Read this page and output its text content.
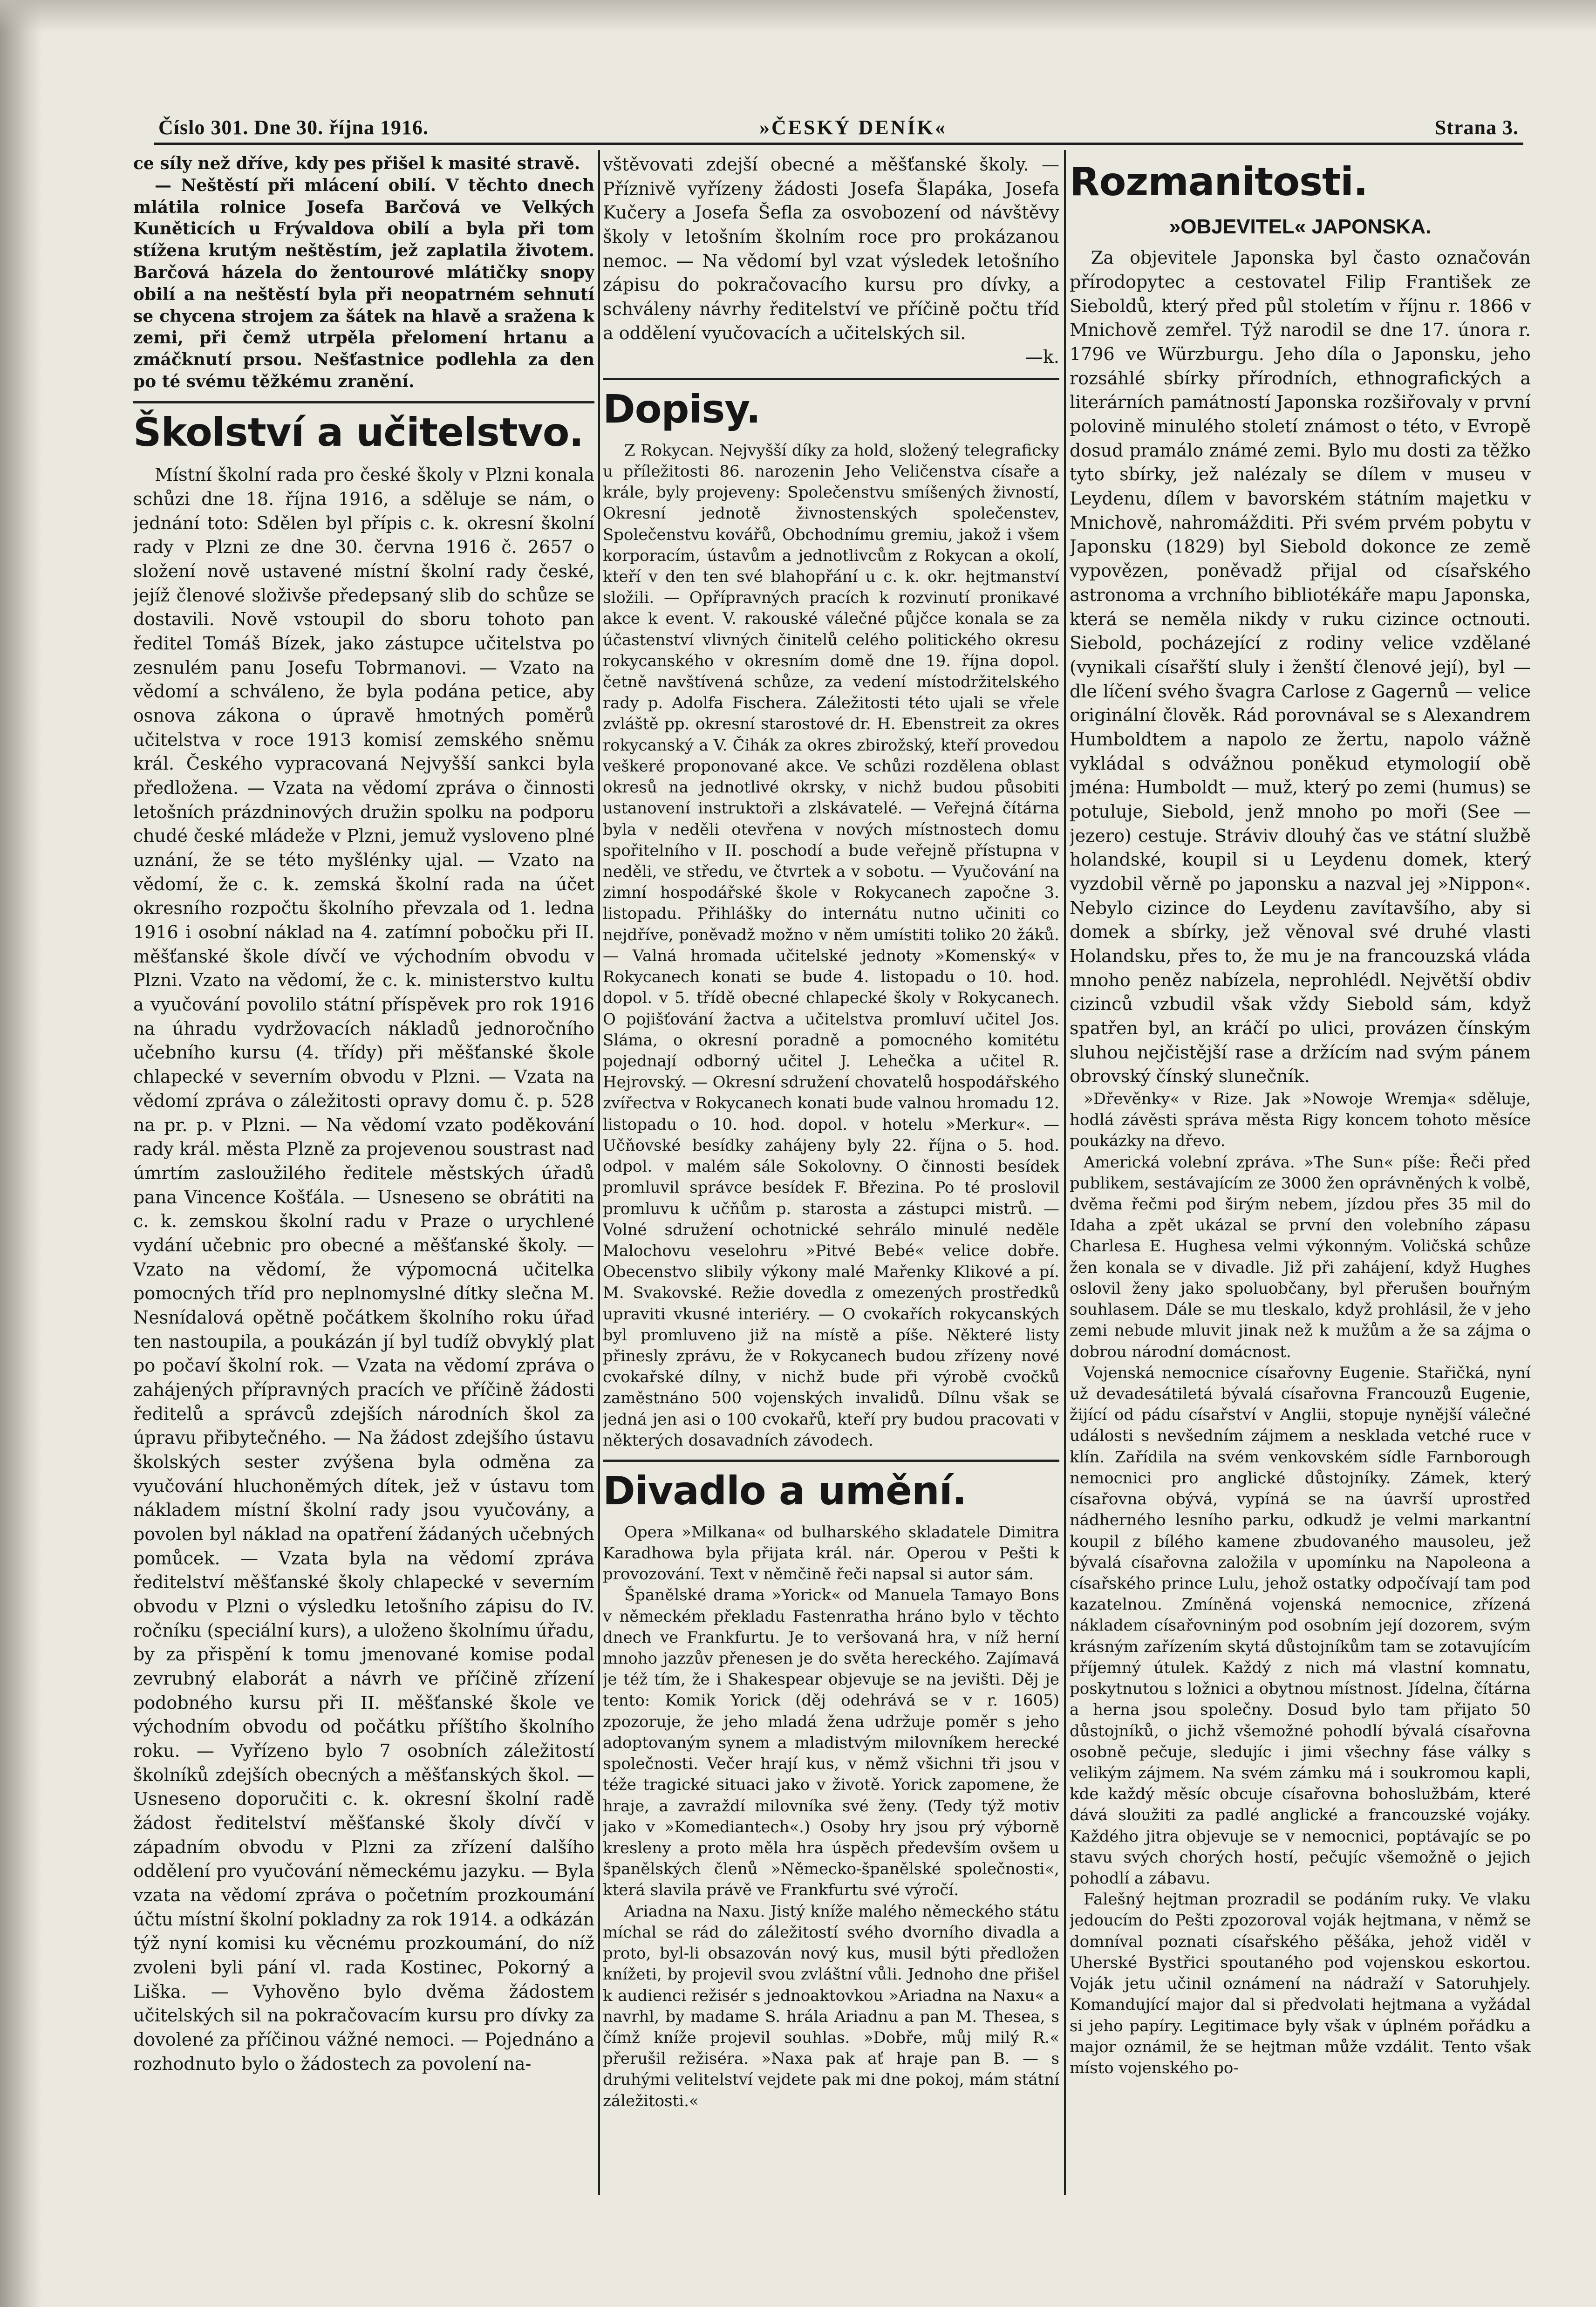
Číslo 301. Dne 30. října 1916.	»ČESKÝ DENÍK«	Strana 3.

ce síly než dříve, kdy pes přišel k masité stravě.

— Neštěstí při mlácení obilí. V těchto dnech mlátila rolnice Josefa Barčová ve Velkých Kuněticích u Frývaldova obilí a byla při tom stížena krutým neštěstím, jež zaplatila životem. Barčová házela do žentourové mlátičky snopy obilí a na neštěstí byla při neopatrném sehnutí se chycena strojem za šátek na hlavě a sražena k zemi, při čemž utrpěla přelomení hrtanu a zmáčknutí prsou. Nešťastnice podlehla za den po té svému těžkému zranění.

Školství a učitelstvo.

Místní školní rada pro české školy v Plzni konala schůzi dne 18. října 1916, a sděluje se nám, o jednání toto: Sdělen byl přípis c. k. okresní školní rady v Plzni ze dne 30. června 1916 č. 2657 o složení nově ustavené místní školní rady české, jejíž členové složivše předepsaný slib do schůze se dostavili. Nově vstoupil do sboru tohoto pan ředitel Tomáš Bízek, jako zástupce učitelstva po zesnulém panu Josefu Tobrmanovi. — Vzato na vědomí a schváleno, že byla podána petice, aby osnova zákona o úpravě hmotných poměrů učitelstva v roce 1913 komisí zemského sněmu král. Českého vypracovaná Nejvyšší sankci byla předložena. — Vzata na vědomí zpráva o činnosti letošních prázdninových družin spolku na podporu chudé české mládeže v Plzni, jemuž vysloveno plné uznání, že se této myšlénky ujal. — Vzato na vědomí, že c. k. zemská školní rada na účet okresního rozpočtu školního převzala od 1. ledna 1916 i osobní náklad na 4. zatímní pobočku při II. měšťanské škole dívčí ve východním obvodu v Plzni. Vzato na vědomí, že c. k. ministerstvo kultu a vyučování povolilo státní příspěvek pro rok 1916 na úhradu vydržovacích nákladů jednoročního učebního kursu (4. třídy) při měšťanské škole chlapecké v severním obvodu v Plzni. — Vzata na vědomí zpráva o záležitosti opravy domu č. p. 528 na pr. p. v Plzni. — Na vědomí vzato poděkování rady král. města Plzně za projevenou soustrast nad úmrtím zasloužilého ředitele městských úřadů pana Vincence Košťála. — Usneseno se obrátiti na c. k. zemskou školní radu v Praze o urychlené vydání učebnic pro obecné a měšťanské školy. — Vzato na vědomí, že výpomocná učitelka pomocných tříd pro neplnomyslné dítky slečna M. Nesnídalová opětně počátkem školního roku úřad ten nastoupila, a poukázán jí byl tudíž obvyklý plat po počaví školní rok. — Vzata na vědomí zpráva o zahájených přípravných pracích ve příčině žádosti ředitelů a správců zdejších národních škol za úpravu přibytečného. — Na žádost zdejšího ústavu školských sester zvýšena byla odměna za vyučování hluchoněmých dítek, jež v ústavu tom nákladem místní školní rady jsou vyučovány, a povolen byl náklad na opatření žádaných učebných pomůcek. — Vzata byla na vědomí zpráva ředitelství měšťanské školy chlapecké v severním obvodu v Plzni o výsledku letošního zápisu do IV. ročníku (speciální kurs), a uloženo školnímu úřadu, by za přispění k tomu jmenované komise podal zevrubný elaborát a návrh ve příčině zřízení podobného kursu při II. měšťanské škole ve východním obvodu od počátku příštího školního roku. — Vyřízeno bylo 7 osobních záležitostí školníků zdejších obecných a měšťanských škol. — Usneseno doporučiti c. k. okresní školní radě žádost ředitelství měšťanské školy dívčí v západním obvodu v Plzni za zřízení dalšího oddělení pro vyučování německému jazyku. — Byla vzata na vědomí zpráva o početním prozkoumání účtu místní školní pokladny za rok 1914. a odkázán týž nyní komisi ku věcnému prozkoumání, do níž zvoleni byli pání vl. rada Kostinec, Pokorný a Liška. — Vyhověno bylo dvěma žádostem učitelských sil na pokračovacím kursu pro dívky za dovolené za příčinou vážné nemoci. — Pojednáno a rozhodnuto bylo o žádostech za povolení na-

vštěvovati zdejší obecné a měšťanské školy. — Příznivě vyřízeny žádosti Josefa Šlapáka, Josefa Kučery a Josefa Šefla za osvobození od návštěvy školy v letošním školním roce pro prokázanou nemoc. — Na vědomí byl vzat výsledek letošního zápisu do pokračovacího kursu pro dívky, a schváleny návrhy ředitelství ve příčině počtu tříd a oddělení vyučovacích a učitelských sil.

—k.

Dopisy.

Z Rokycan. Nejvyšší díky za hold, složený telegraficky u příležitosti 86. narozenin Jeho Veličenstva císaře a krále, byly projeveny: Společenstvu smíšených živností, Okresní jednotě živnostenských společenstev, Společenstvu kovářů, Obchodnímu gremiu, jakož i všem korporacím, ústavům a jednotlivcům z Rokycan a okolí, kteří v den ten své blahopřání u c. k. okr. hejtmanství složili. — Opřípravných pracích k rozvinutí pronikavé akce k event. V. rakouské válečné půjčce konala se za účastenství vlivných činitelů celého politického okresu rokycanského v okresním domě dne 19. října dopol. četně navštívená schůze, za vedení místodržitelského rady p. Adolfa Fischera. Záležitosti této ujali se vřele zvláště pp. okresní starostové dr. H. Ebenstreit za okres rokycanský a V. Čihák za okres zbirožský, kteří provedou veškeré proponované akce. Ve schůzi rozdělena oblast okresů na jednotlivé okrsky, v nichž budou působiti ustanovení instruktoři a zlskávatelé. — Veřejná čítárna byla v neděli otevřena v nových místnostech domu spořitelního v II. poschodí a bude veřejně přístupna v neděli, ve středu, ve čtvrtek a v sobotu. — Vyučování na zimní hospodářské škole v Rokycanech započne 3. listopadu. Přihlášky do internátu nutno učiniti co nejdříve, poněvadž možno v něm umístiti toliko 20 žáků. — Valná hromada učitelské jednoty »Komenský« v Rokycanech konati se bude 4. listopadu o 10. hod. dopol. v 5. třídě obecné chlapecké školy v Rokycanech. O pojišťování žactva a učitelstva promluví učitel Jos. Sláma, o okresní poradně a pomocného komitétu pojednají odborný učitel J. Lehečka a učitel R. Hejrovský. — Okresní sdružení chovatelů hospodářského zvířectva v Rokycanech konati bude valnou hromadu 12. listopadu o 10. hod. dopol. v hotelu »Merkur«. — Učňovské besídky zahájeny byly 22. října o 5. hod. odpol. v malém sále Sokolovny. O činnosti besídek promluvil správce besídek F. Březina. Po té proslovil promluvu k učňům p. starosta a zástupci mistrů. — Volné sdružení ochotnické sehrálo minulé neděle Malochovu veselohru »Pitvé Bebé« velice dobře. Obecenstvo slibily výkony malé Mařenky Klikové a pí. M. Svakovské. Režie dovedla z omezených prostředků upraviti vkusné interiéry. — O cvokařích rokycanských byl promluveno již na místě a píše. Některé listy přinesly zprávu, že v Rokycanech budou zřízeny nové cvokařské dílny, v nichž bude při výrobě cvočků zaměstnáno 500 vojenských invalidů. Dílnu však se jedná jen asi o 100 cvokařů, kteří pry budou pracovati v některých dosavadních závodech.

Divadlo a umění.

Opera »Milkana« od bulharského skladatele Dimitra Karadhowa byla přijata král. nár. Operou v Pešti k provozování. Text v němčině řeči napsal si autor sám.

Španělské drama »Yorick« od Manuela Tamayo Bons v německém překladu Fastenratha hráno bylo v těchto dnech ve Frankfurtu. Je to veršovaná hra, v níž herní mnoho jazzův přenesen je do světa hereckého. Zajímavá je též tím, že i Shakespear objevuje se na jevišti. Děj je tento: Komik Yorick (děj odehrává se v r. 1605) zpozoruje, že jeho mladá žena udržuje poměr s jeho adoptovaným synem a mladistvým milovníkem herecké společnosti. Večer hrají kus, v němž všichni tři jsou v téže tragické situaci jako v životě. Yorick zapomene, že hraje, a zavraždí milovníka své ženy. (Tedy týž motiv jako v »Komediantech«.) Osoby hry jsou prý výborně kresleny a proto měla hra úspěch především ovšem u španělských členů »Německo-španělské společnosti«, která slavila právě ve Frankfurtu své výročí.

Ariadna na Naxu. Jistý kníže malého německého státu míchal se rád do záležitostí svého dvorního divadla a proto, byl-li obsazován nový kus, musil býti předložen knížeti, by projevil svou zvláštní vůli. Jednoho dne přišel k audienci režisér s jednoaktovkou »Ariadna na Naxu« a navrhl, by madame S. hrála Ariadnu a pan M. Thesea, s čímž kníže projevil souhlas. »Dobře, můj milý R.« přerušil režiséra. »Naxa pak ať hraje pan B. — s druhými velitelství vejdete pak mi dne pokoj, mám státní záležitosti.«

Rozmanitosti.
»OBJEVITEL« JAPONSKA.

Za objevitele Japonska byl často označován přírodopytec a cestovatel Filip František ze Sieboldů, který před půl stoletím v říjnu r. 1866 v Mnichově zemřel. Týž narodil se dne 17. února r. 1796 ve Würzburgu. Jeho díla o Japonsku, jeho rozsáhlé sbírky přírodních, ethnografických a literárních památností Japonska rozšiřovaly v první polovině minulého století známost o této, v Evropě dosud pramálo známé zemi. Bylo mu dosti za těžko tyto sbírky, jež nalézaly se dílem v museu v Leydenu, dílem v bavorském státním majetku v Mnichově, nahromážditi. Při svém prvém pobytu v Japonsku (1829) byl Siebold dokonce ze země vypovězen, poněvadž přijal od císařského astronoma a vrchního bibliotékáře mapu Japonska, která se neměla nikdy v ruku cizince octnouti. Siebold, pocházející z rodiny velice vzdělané (vynikali císařští sluly i ženští členové její), byl — dle líčení svého švagra Carlose z Gagernů — velice originální člověk. Rád porovnával se s Alexandrem Humboldtem a napolo ze žertu, napolo vážně vykládal s odvážnou poněkud etymologií obě jména: Humboldt — muž, který po zemi (humus) se potuluje, Siebold, jenž mnoho po moři (See — jezero) cestuje. Stráviv dlouhý čas ve státní službě holandské, koupil si u Leydenu domek, který vyzdobil věrně po japonsku a nazval jej »Nippon«. Nebylo cizince do Leydenu zavítavšího, aby si domek a sbírky, jež věnoval své druhé vlasti Holandsku, přes to, že mu je na francouzská vláda mnoho peněz nabízela, neprohlédl. Největší obdiv cizinců vzbudil však vždy Siebold sám, když spatřen byl, an kráčí po ulici, provázen čínským sluhou nejčistější rase a držícím nad svým pánem obrovský čínský slunečník.

»Dřevěnky« v Rize. Jak »Nowoje Wremja« sděluje, hodlá závěsti správa města Rigy koncem tohoto měsíce poukázky na dřevo.

Americká volební zpráva. »The Sun« píše: Řeči před publikem, sestávajícím ze 3000 žen oprávněných k volbě, dvěma řečmi pod širým nebem, jízdou přes 35 mil do Idaha a zpět ukázal se první den volebního zápasu Charlesa E. Hughesa velmi výkonným. Voličská schůze žen konala se v divadle. Již při zahájení, když Hughes oslovil ženy jako spoluobčany, byl přerušen bouřným souhlasem. Dále se mu tleskalo, když prohlásil, že v jeho zemi nebude mluvit jinak než k mužům a že sa zájma o dobrou národní domácnost.

Vojenská nemocnice císařovny Eugenie. Stařičká, nyní už devadesátiletá bývalá císařovna Francouzů Eugenie, žijící od pádu císařství v Anglii, stopuje nynější válečné události s nevšedním zájmem a nesklada vetché ruce v klín. Zařídila na svém venkovském sídle Farnborough nemocnici pro anglické důstojníky. Zámek, který císařovna obývá, vypíná se na úavrší uprostřed nádherného lesního parku, odkudž je velmi markantní koupil z bílého kamene zbudovaného mausoleu, jež bývalá císařovna založila v upomínku na Napoleona a císařského prince Lulu, jehož ostatky odpočívají tam pod kazatelnou. Zmíněná vojenská nemocnice, zřízená nákladem císařovniným pod osobním její dozorem, svým krásným zařízením skytá důstojníkům tam se zotavujícím příjemný útulek. Každý z nich má vlastní komnatu, poskytnutou s ložnici a obytnou místnost. Jídelna, čítárna a herna jsou společny. Dosud bylo tam přijato 50 důstojníků, o jichž všemožné pohodlí bývalá císařovna osobně pečuje, sledujíc i jimi všechny fáse války s velikým zájmem. Na svém zámku má i soukromou kapli, kde každý měsíc obcuje císařovna bohoslužbám, které dává sloužiti za padlé anglické a francouzské vojáky. Každého jitra objevuje se v nemocnici, poptávajíc se po stavu svých chorých hostí, pečujíc všemožně o jejich pohodlí a zábavu.

Falešný hejtman prozradil se podáním ruky. Ve vlaku jedoucím do Pešti zpozoroval voják hejtmana, v němž se domníval poznati císařského pěšáka, jehož viděl v Uherské Bystřici spoutaného pod vojenskou eskortou. Voják jetu učinil oznámení na nádraží v Satoruhjely. Komandující major dal si předvolati hejtmana a vyžádal si jeho papíry. Legitimace byly však v úplném pořádku a major oznámil, že se hejtman může vzdálit. Tento však místo vojenského po-
